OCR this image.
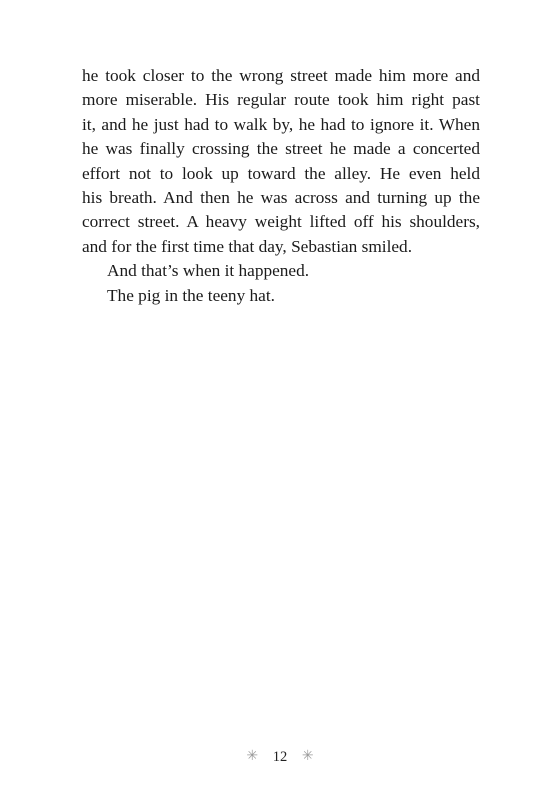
he took closer to the wrong street made him more and
more miserable. His regular route took him right past
it, and he just had to walk by, he had to ignore it. When
he was finally crossing the street he made a concerted
effort not to look up toward the alley. He even held
his breath. And then he was across and turning up the
correct street. A heavy weight lifted off his shoulders,
and for the first time that day, Sebastian smiled.
And that’s when it happened.
The pig in the teeny hat.
✳ 12 ✳
